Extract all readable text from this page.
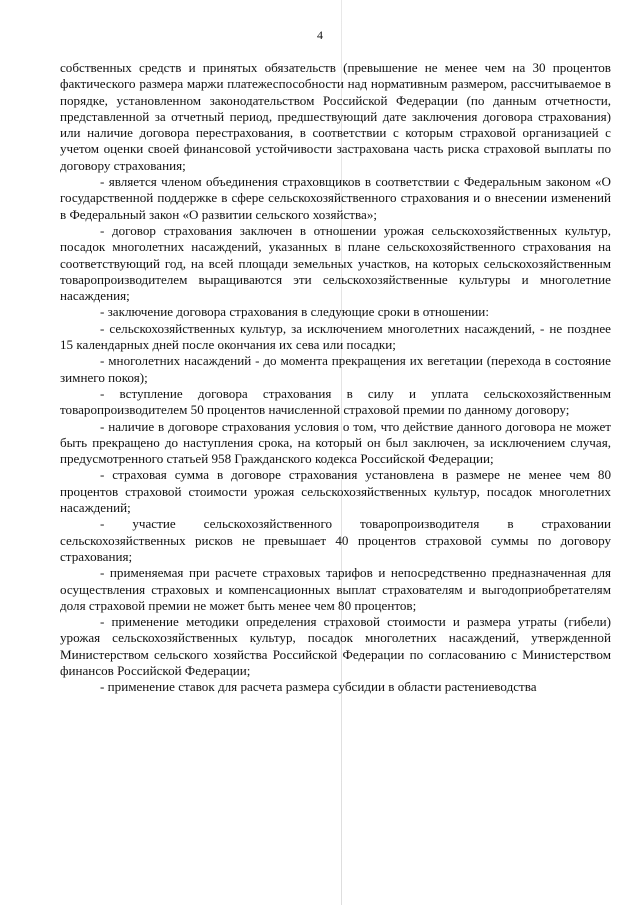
4

собственных средств и принятых обязательств (превышение не менее чем на 30 процентов фактического размера маржи платежеспособности над нормативным размером, рассчитываемое в порядке, установленном законодательством Российской Федерации (по данным отчетности, представленной за отчетный период, предшествующий дате заключения договора страхования) или наличие договора перестрахования, в соответствии с которым страховой организацией с учетом оценки своей финансовой устойчивости застрахована часть риска страховой выплаты по договору страхования;

- является членом объединения страховщиков в соответствии с Федеральным законом «О государственной поддержке в сфере сельскохозяйственного страхования и о внесении изменений в Федеральный закон «О развитии сельского хозяйства»;

- договор страхования заключен в отношении урожая сельскохозяйственных культур, посадок многолетних насаждений, указанных в плане сельскохозяйственного страхования на соответствующий год, на всей площади земельных участков, на которых сельскохозяйственным товаропроизводителем выращиваются эти сельскохозяйственные культуры и многолетние насаждения;

- заключение договора страхования в следующие сроки в отношении:

- сельскохозяйственных культур, за исключением многолетних насаждений, - не позднее 15 календарных дней после окончания их сева или посадки;

- многолетних насаждений - до момента прекращения их вегетации (перехода в состояние зимнего покоя);

- вступление договора страхования в силу и уплата сельскохозяйственным товаропроизводителем 50 процентов начисленной страховой премии по данному договору;

- наличие в договоре страхования условия о том, что действие данного договора не может быть прекращено до наступления срока, на который он был заключен, за исключением случая, предусмотренного статьей 958 Гражданского кодекса Российской Федерации;

- страховая сумма в договоре страхования установлена в размере не менее чем 80 процентов страховой стоимости урожая сельскохозяйственных культур, посадок многолетних насаждений;

- участие сельскохозяйственного товаропроизводителя в страховании сельскохозяйственных рисков не превышает 40 процентов страховой суммы по договору страхования;

- применяемая при расчете страховых тарифов и непосредственно предназначенная для осуществления страховых и компенсационных выплат страхователям и выгодоприобретателям доля страховой премии не может быть менее чем 80 процентов;

- применение методики определения страховой стоимости и размера утраты (гибели) урожая сельскохозяйственных культур, посадок многолетних насаждений, утвержденной Министерством сельского хозяйства Российской Федерации по согласованию с Министерством финансов Российской Федерации;

- применение ставок для расчета размера субсидии в области растениеводства
